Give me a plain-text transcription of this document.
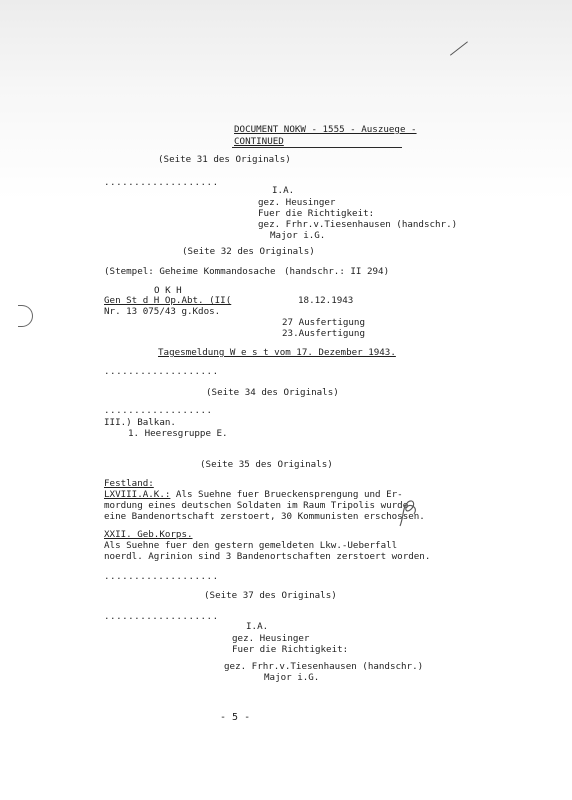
DOCUMENT NOKW - 1555 - Auszuege -
CONTINUED
(Seite 31 des Originals)
...................
I.A.
gez. Heusinger
Fuer die Richtigkeit:
gez. Frhr.v.Tiesenhausen (handschr.)
Major i.G.
(Seite 32 des Originals)
(Stempel: Geheime Kommandosache (handschr.: II 294)
O K H
Gen St d H Op.Abt. (II(
Nr. 13 075/43 g.Kdos.
18.12.1943
27 Ausfertigung
23.Ausfertigung
Tagesmeldung W e s t vom 17. Dezember 1943.
...................
(Seite 34 des Originals)
..................
III.) Balkan.
1. Heeresgruppe E.
(Seite 35 des Originals)
Festland:
LXVIII.A.K.: Als Suehne fuer Brueckensprengung und Er-
mordung eines deutschen Soldaten im Raum Tripolis wurde
eine Bandenortschaft zerstoert, 30 Kommunisten erschossen.
XXII. Geb.Korps.
Als Suehne fuer den gestern gemeldeten Lkw.-Ueberfall
noerdl. Agrinion sind 3 Bandenortschaften zerstoert worden.
...................
(Seite 37 des Originals)
...................
I.A.
gez. Heusinger
Fuer die Richtigkeit:
gez. Frhr.v.Tiesenhausen (handschr.)
Major i.G.
- 5 -
